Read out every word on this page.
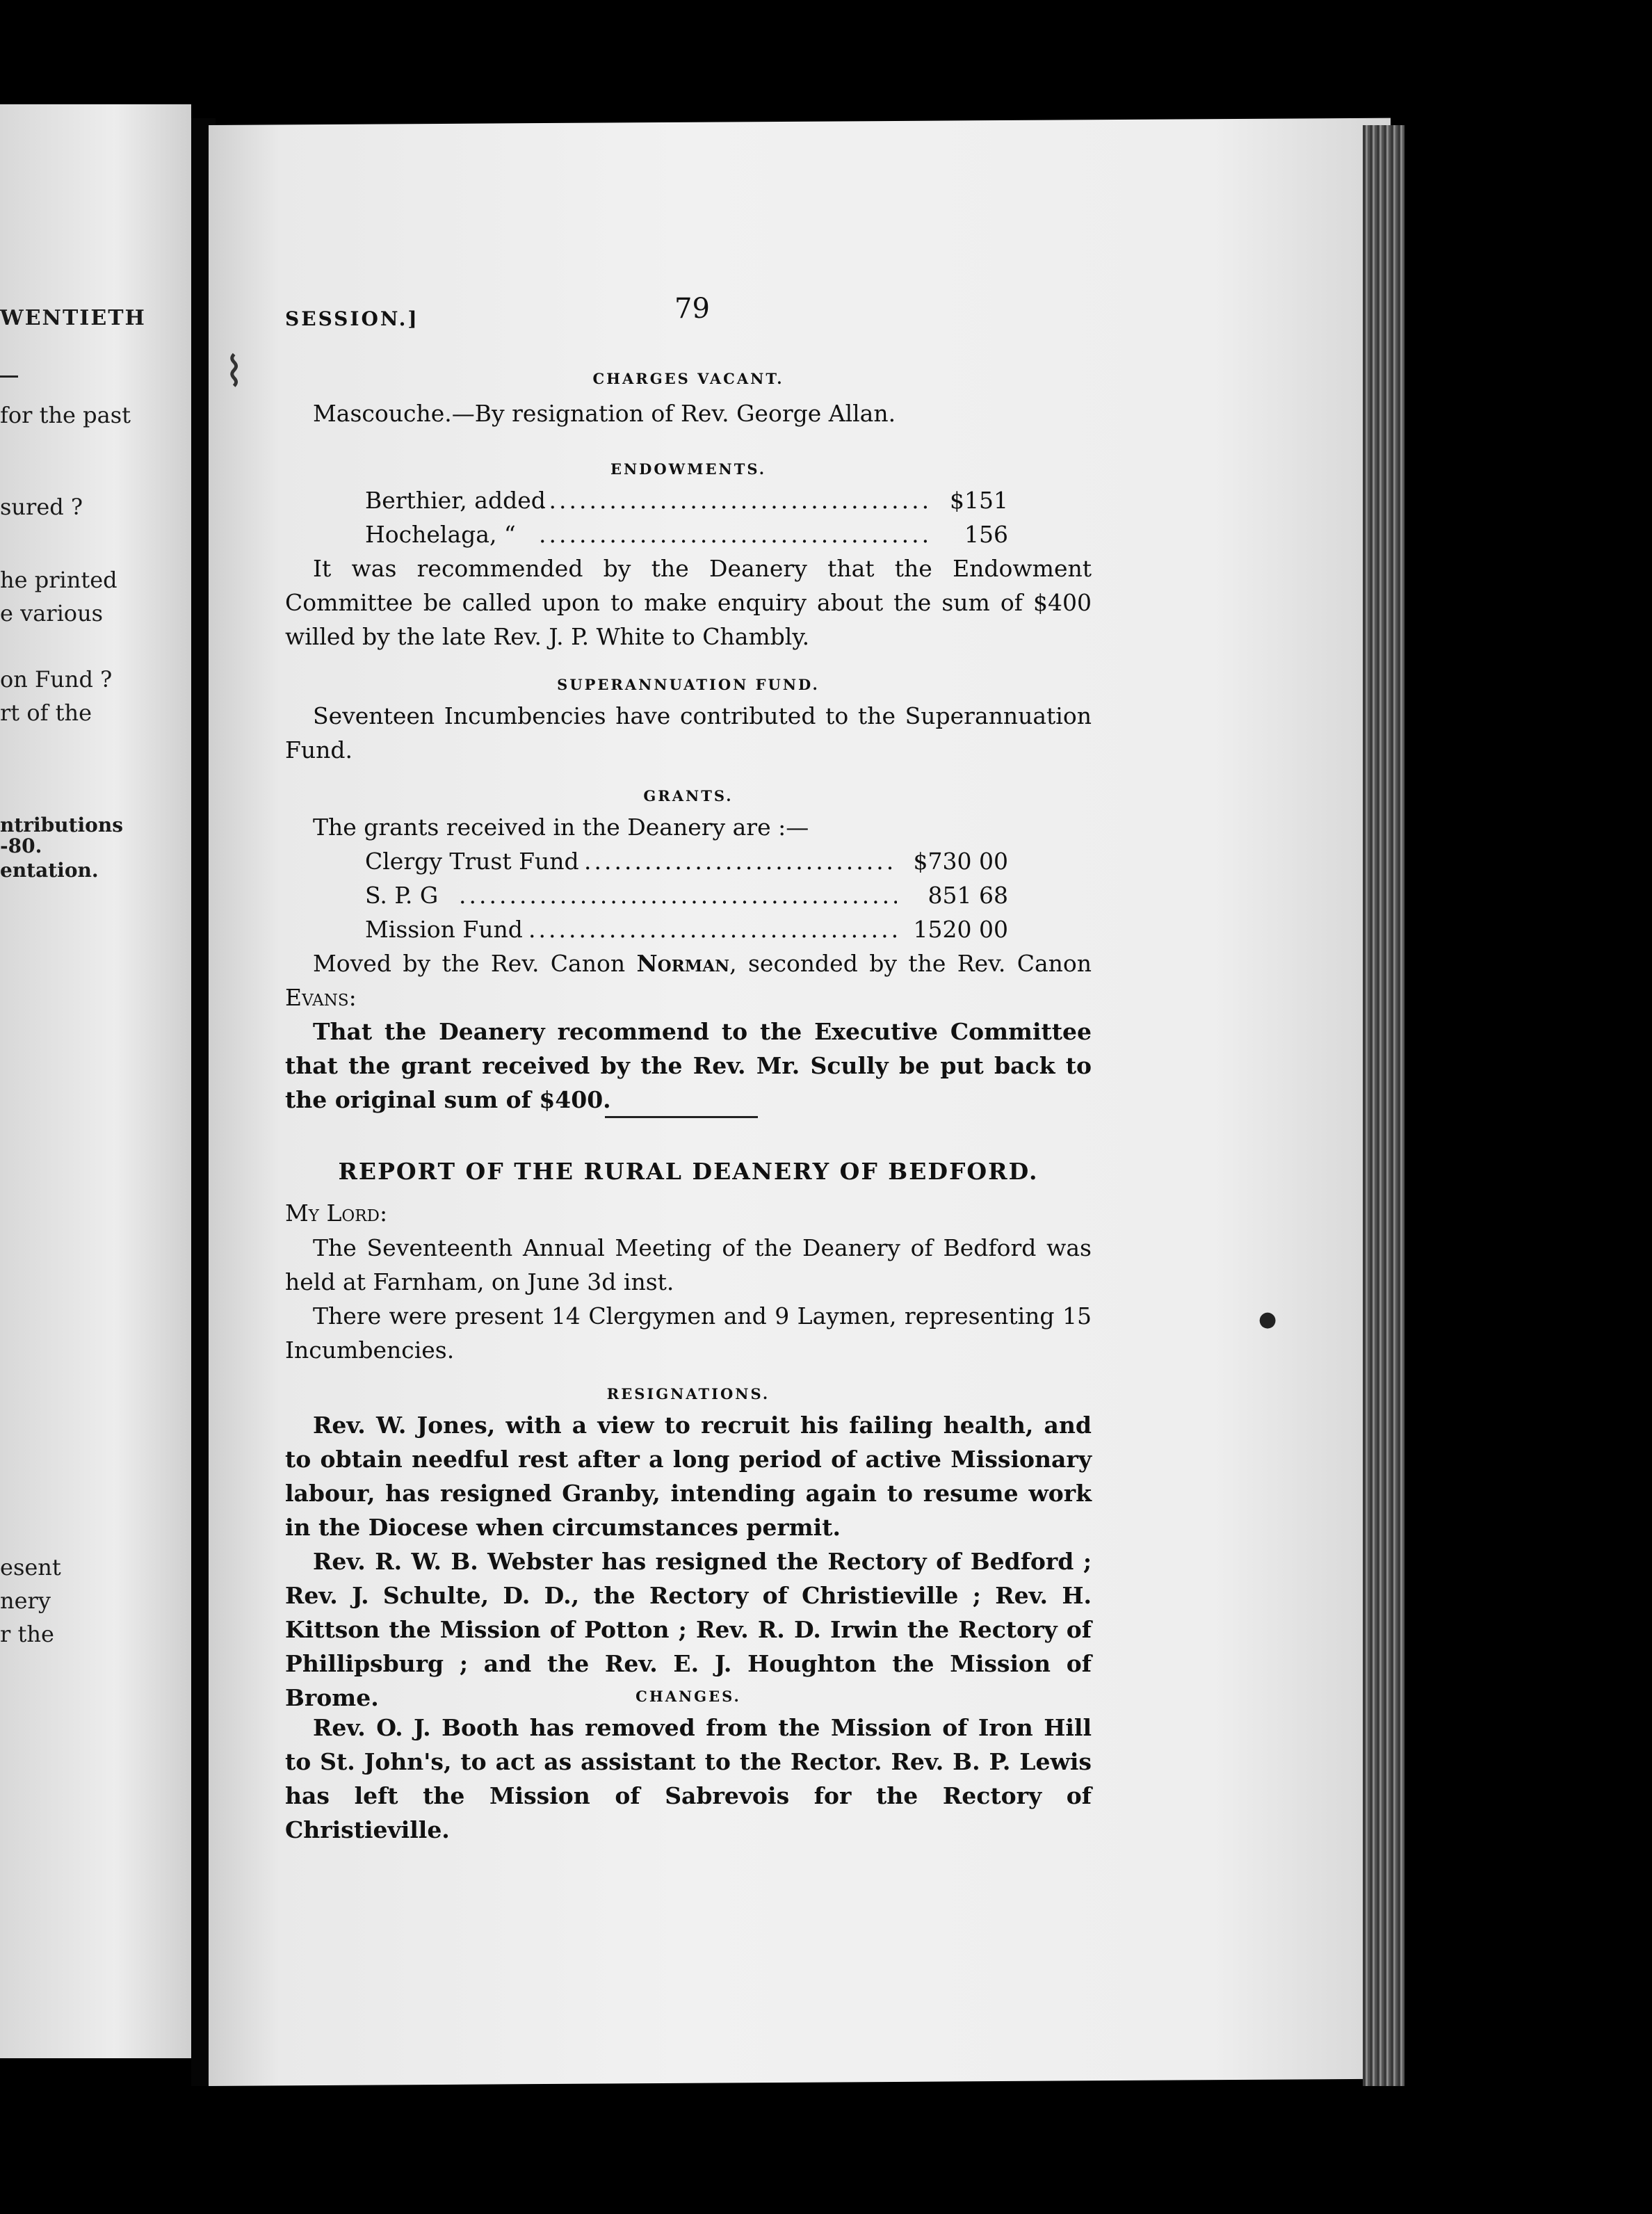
WENTIETH
for the past
sured ?
he printed
e various
on Fund ?
rt of the
ntributions
-80.
entation.
esent
nery
r the
SESSION.]	79
CHARGES VACANT.
Mascouche.—By resignation of Rev. George Allan.
ENDOWMENTS.
Berthier, added .....	$151
Hochelaga, “ .....	156
It was recommended by the Deanery that the Endowment Committee be called upon to make enquiry about the sum of $400 willed by the late Rev. J. P. White to Chambly.
SUPERANNUATION FUND.
Seventeen Incumbencies have contributed to the Superannuation Fund.
GRANTS.
The grants received in the Deanery are :—
Clergy Trust Fund .....	$730 00
S. P. G .....	851 68
Mission Fund .....	1520 00
Moved by the Rev. Canon Norman, seconded by the Rev. Canon Evans:
That the Deanery recommend to the Executive Committee that the grant received by the Rev. Mr. Scully be put back to the original sum of $400.
REPORT OF THE RURAL DEANERY OF BEDFORD.
My Lord:
The Seventeenth Annual Meeting of the Deanery of Bedford was held at Farnham, on June 3d inst.
There were present 14 Clergymen and 9 Laymen, representing 15 Incumbencies.
RESIGNATIONS.
Rev. W. Jones, with a view to recruit his failing health, and to obtain needful rest after a long period of active Missionary labour, has resigned Granby, intending again to resume work in the Diocese when circumstances permit.
Rev. R. W. B. Webster has resigned the Rectory of Bedford ; Rev. J. Schulte, D. D., the Rectory of Christieville ; Rev. H. Kittson the Mission of Potton ; Rev. R. D. Irwin the Rectory of Phillipsburg ; and the Rev. E. J. Houghton the Mission of Brome.	CHANGES.
Rev. O. J. Booth has removed from the Mission of Iron Hill to St. John's, to act as assistant to the Rector. Rev. B. P. Lewis has left the Mission of Sabrevois for the Rectory of Christieville.
●
⌇
